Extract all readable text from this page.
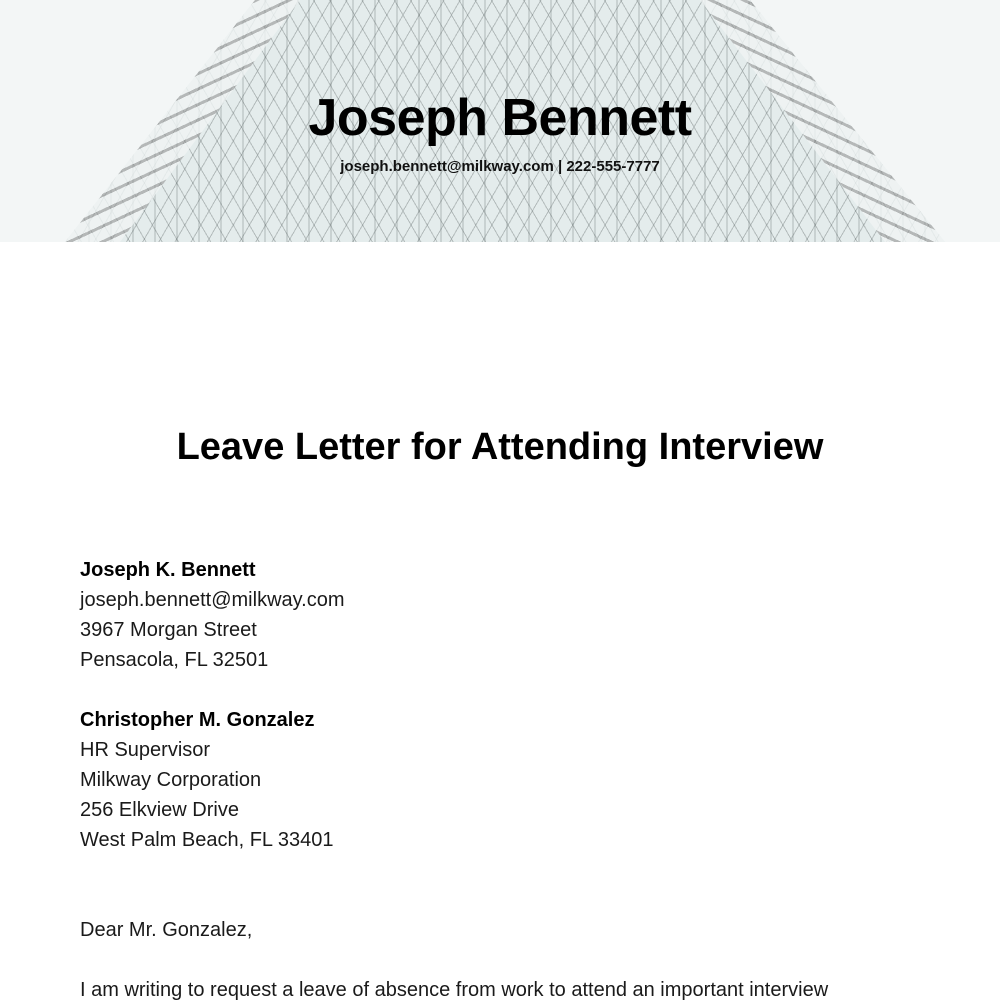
Joseph Bennett
joseph.bennett@milkway.com | 222-555-7777
Leave Letter for Attending Interview
Joseph K. Bennett
joseph.bennett@milkway.com
3967 Morgan Street
Pensacola, FL 32501
Christopher M. Gonzalez
HR Supervisor
Milkway Corporation
256 Elkview Drive
West Palm Beach, FL 33401
Dear Mr. Gonzalez,
I am writing to request a leave of absence from work to attend an important interview
